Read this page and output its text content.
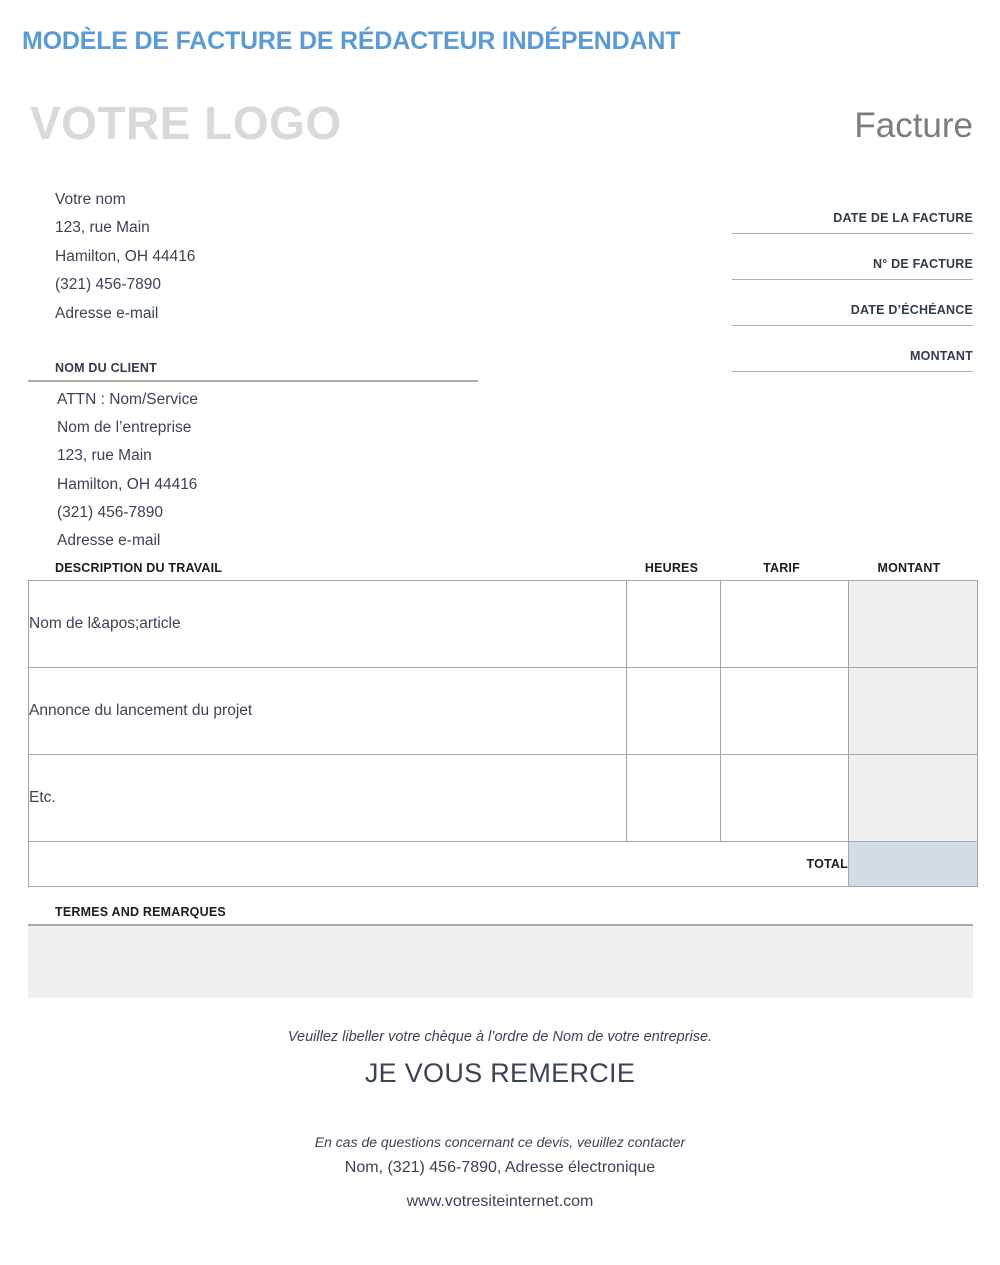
MODÈLE DE FACTURE DE RÉDACTEUR INDÉPENDANT
VOTRE LOGO	Facture
Votre nom
123, rue Main
Hamilton, OH 44416
(321) 456-7890
Adresse e-mail
DATE DE LA FACTURE
N° DE FACTURE
DATE D’ÉCHÉANCE
MONTANT
NOM DU CLIENT
ATTN : Nom/Service
Nom de l’entreprise
123, rue Main
Hamilton, OH 44416
(321) 456-7890
Adresse e-mail
DESCRIPTION DU TRAVAIL	HEURES	TARIF	MONTANT
Nom de l&apos;article			
Annonce du lancement du projet			
Etc.			
TOTAL			
TERMES AND REMARQUES
Veuillez libeller votre chèque à l’ordre de Nom de votre entreprise.
JE VOUS REMERCIE
En cas de questions concernant ce devis, veuillez contacter
Nom, (321) 456-7890, Adresse électronique
www.votresiteinternet.com
